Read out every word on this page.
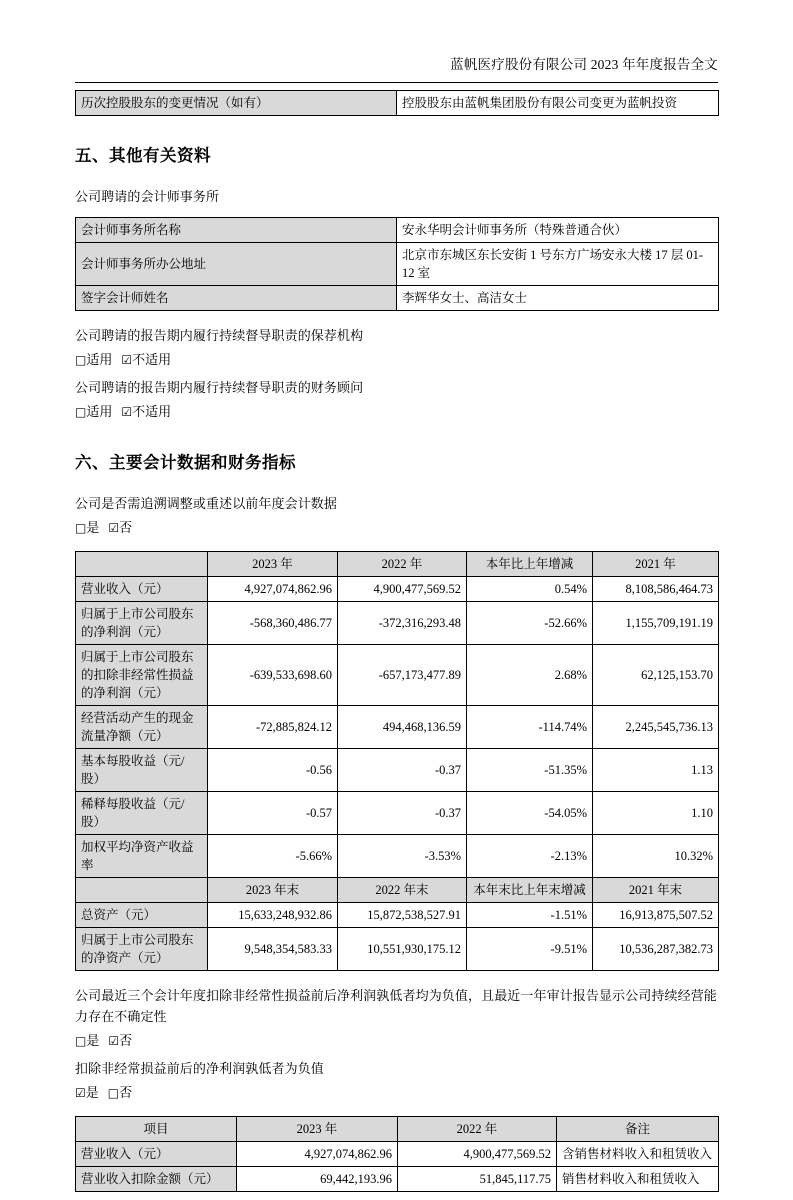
蓝帆医疗股份有限公司 2023 年年度报告全文
历次控股股东的变更情况（如有）	控股股东由蓝帆集团股份有限公司变更为蓝帆投资
五、其他有关资料

公司聘请的会计师事务所

会计师事务所名称	安永华明会计师事务所（特殊普通合伙）
会计师事务所办公地址	北京市东城区东长安街 1 号东方广场安永大楼 17 层 01-12 室
签字会计师姓名	李辉华女士、高洁女士

公司聘请的报告期内履行持续督导职责的保荐机构

□适用 ☑不适用

公司聘请的报告期内履行持续督导职责的财务顾问

□适用 ☑不适用

六、主要会计数据和财务指标

公司是否需追溯调整或重述以前年度会计数据

□是 ☑否

	2023 年	2022 年	本年比上年增减	2021 年
营业收入（元）	4,927,074,862.96	4,900,477,569.52	0.54%	8,108,586,464.73
归属于上市公司股东的净利润（元）	-568,360,486.77	-372,316,293.48	-52.66%	1,155,709,191.19
归属于上市公司股东的扣除非经常性损益的净利润（元）	-639,533,698.60	-657,173,477.89	2.68%	62,125,153.70
经营活动产生的现金流量净额（元）	-72,885,824.12	494,468,136.59	-114.74%	2,245,545,736.13
基本每股收益（元/股）	-0.56	-0.37	-51.35%	1.13
稀释每股收益（元/股）	-0.57	-0.37	-54.05%	1.10
加权平均净资产收益率	-5.66%	-3.53%	-2.13%	10.32%
	2023 年末	2022 年末	本年末比上年末增减	2021 年末
总资产（元）	15,633,248,932.86	15,872,538,527.91	-1.51%	16,913,875,507.52
归属于上市公司股东的净资产（元）	9,548,354,583.33	10,551,930,175.12	-9.51%	10,536,287,382.73

公司最近三个会计年度扣除非经常性损益前后净利润孰低者均为负值，且最近一年审计报告显示公司持续经营能力存在不确定性

□是 ☑否

扣除非经常损益前后的净利润孰低者为负值

☑是 □否

项目	2023 年	2022 年	备注
营业收入（元）	4,927,074,862.96	4,900,477,569.52	含销售材料收入和租赁收入
营业收入扣除金额（元）	69,442,193.96	51,845,117.75	销售材料收入和租赁收入
